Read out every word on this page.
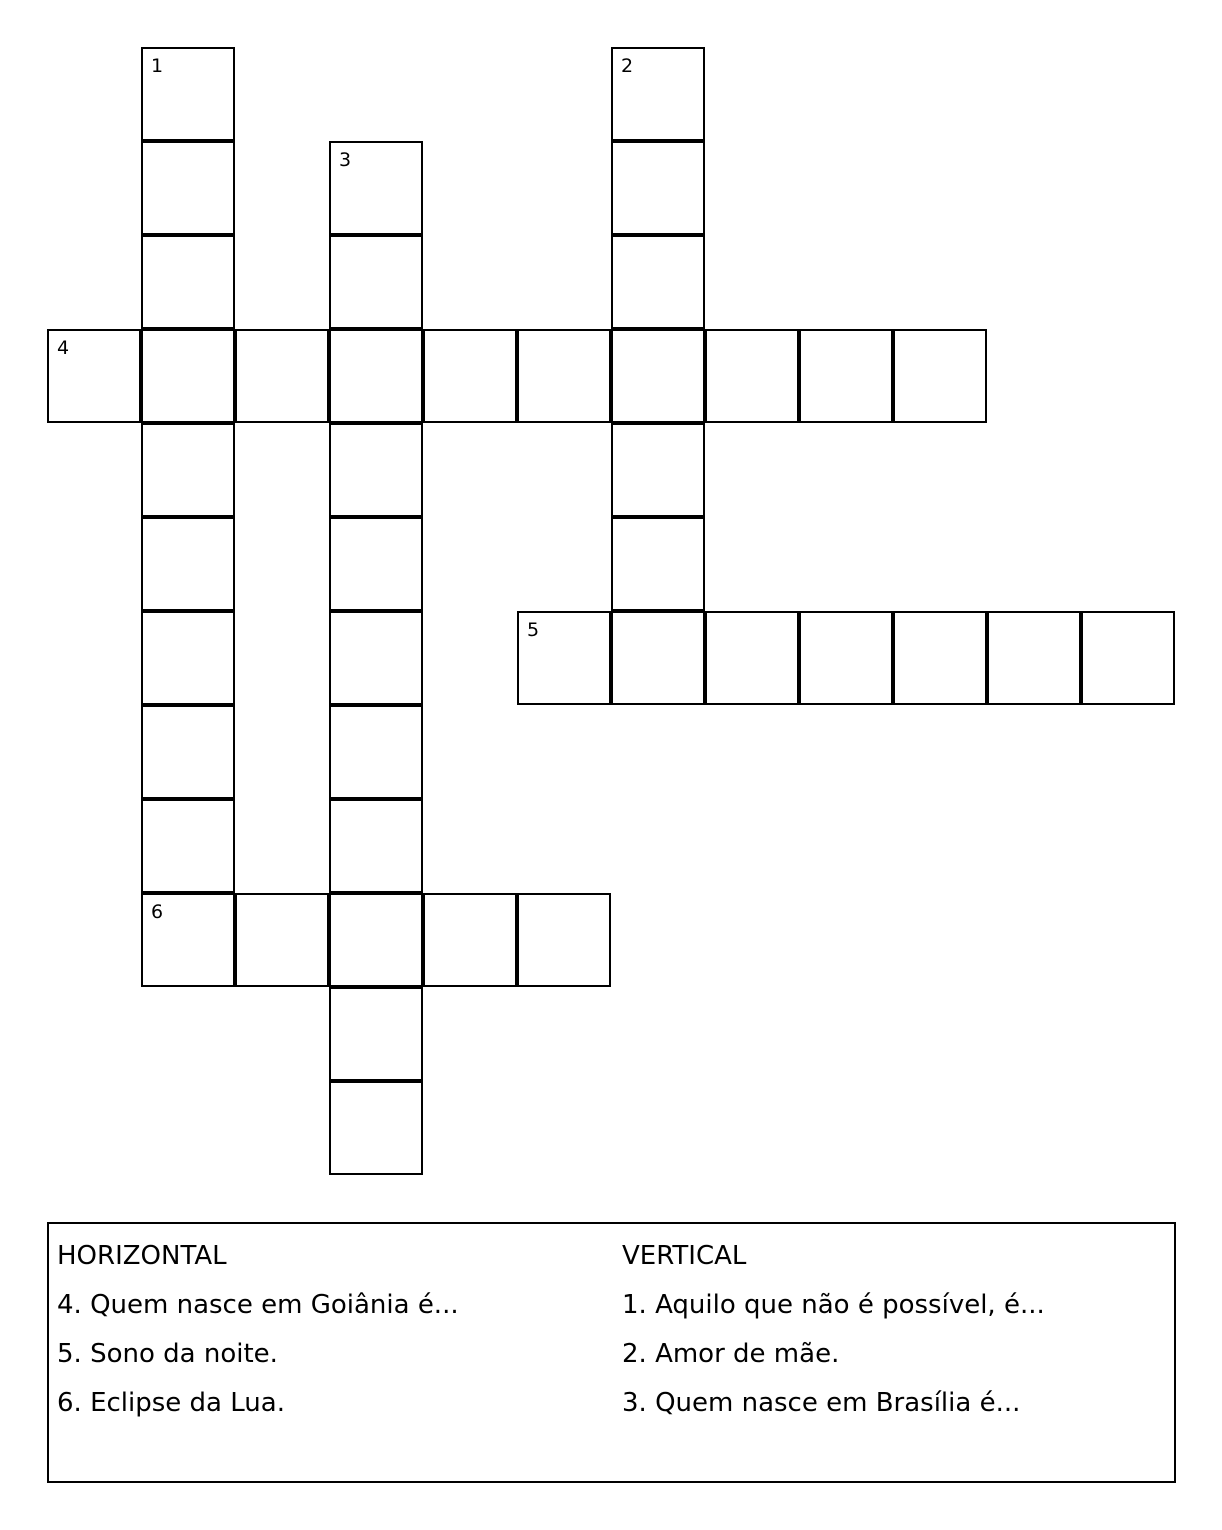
1
6
2
3
4
5
HORIZONTAL
4. Quem nasce em Goiânia é...
5. Sono da noite.
6. Eclipse da Lua.
VERTICAL
1. Aquilo que não é possível, é...
2. Amor de mãe.
3. Quem nasce em Brasília é...
